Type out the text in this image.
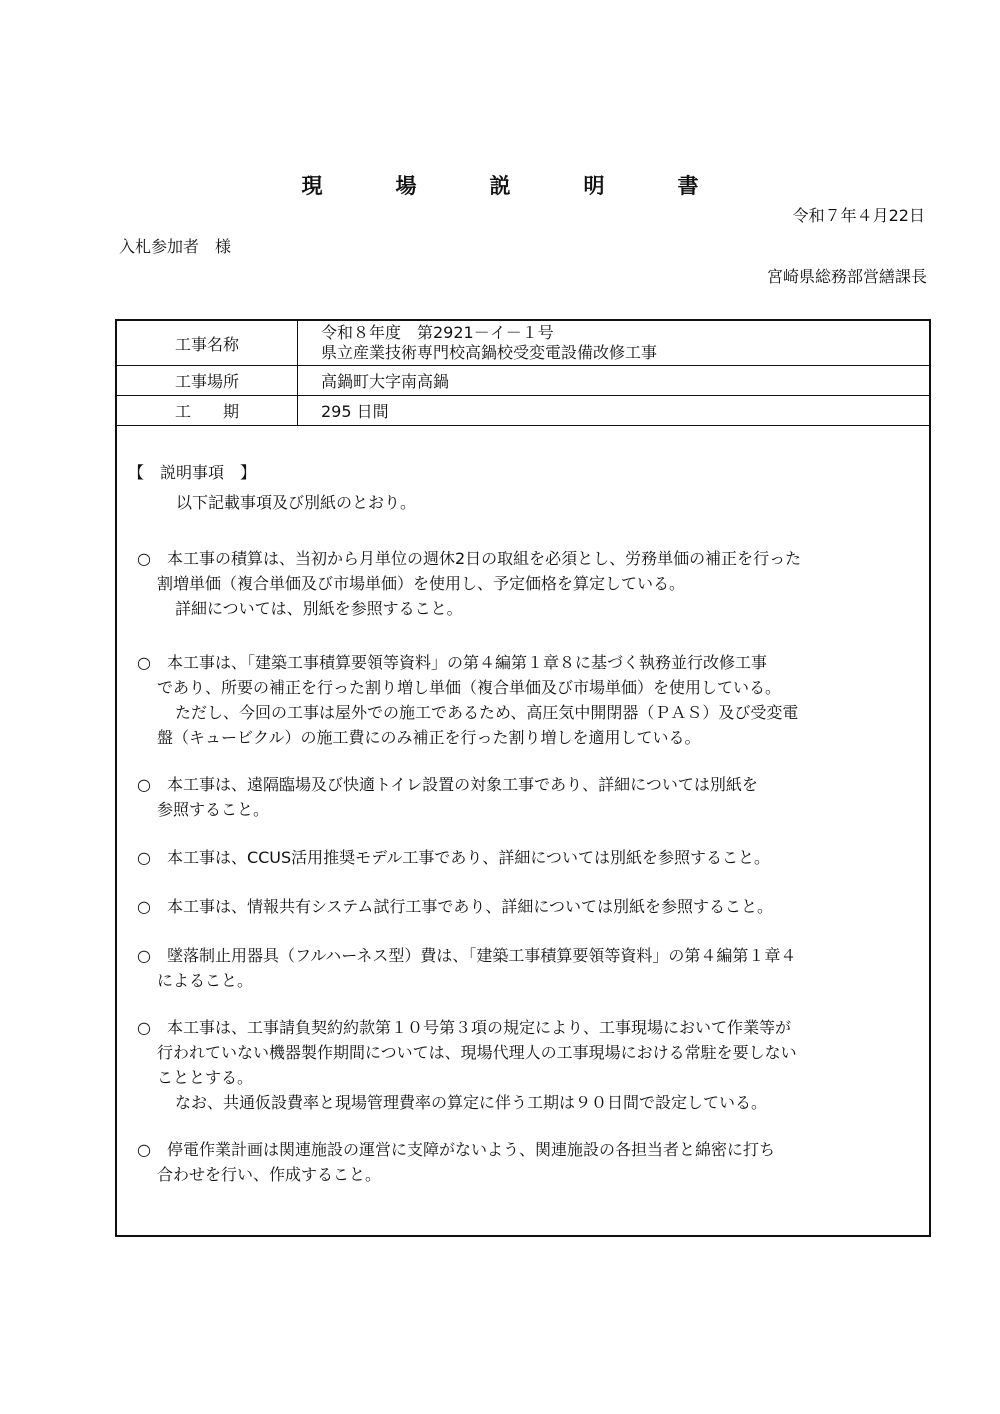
現　場　説　明　書
令和７年４月22日
入札参加者　様
宮崎県総務部営繕課長
工事名称	令和８年度　第2921－イ－１号
県立産業技術専門校高鍋校受変電設備改修工事

工事場所	高鍋町大字南高鍋
工　　期	295 日間
【　説明事項　】
以下記載事項及び別紙のとおり。
○　本工事の積算は、当初から月単位の週休2日の取組を必須とし、労務単価の補正を行った
割増単価（複合単価及び市場単価）を使用し、予定価格を算定している。
詳細については、別紙を参照すること。
○　本工事は、「建築工事積算要領等資料」の第４編第１章８に基づく執務並行改修工事
であり、所要の補正を行った割り増し単価（複合単価及び市場単価）を使用している。
ただし、今回の工事は屋外での施工であるため、高圧気中開閉器（ＰＡＳ）及び受変電
盤（キュービクル）の施工費にのみ補正を行った割り増しを適用している。
○　本工事は、遠隔臨場及び快適トイレ設置の対象工事であり、詳細については別紙を
参照すること。
○　本工事は、CCUS活用推奨モデル工事であり、詳細については別紙を参照すること。
○　本工事は、情報共有システム試行工事であり、詳細については別紙を参照すること。
○　墜落制止用器具（フルハーネス型）費は、「建築工事積算要領等資料」の第４編第１章４
によること。
○　本工事は、工事請負契約約款第１０号第３項の規定により、工事現場において作業等が
行われていない機器製作期間については、現場代理人の工事現場における常駐を要しない
こととする。
なお、共通仮設費率と現場管理費率の算定に伴う工期は９０日間で設定している。
○　停電作業計画は関連施設の運営に支障がないよう、関連施設の各担当者と綿密に打ち
合わせを行い、作成すること。
